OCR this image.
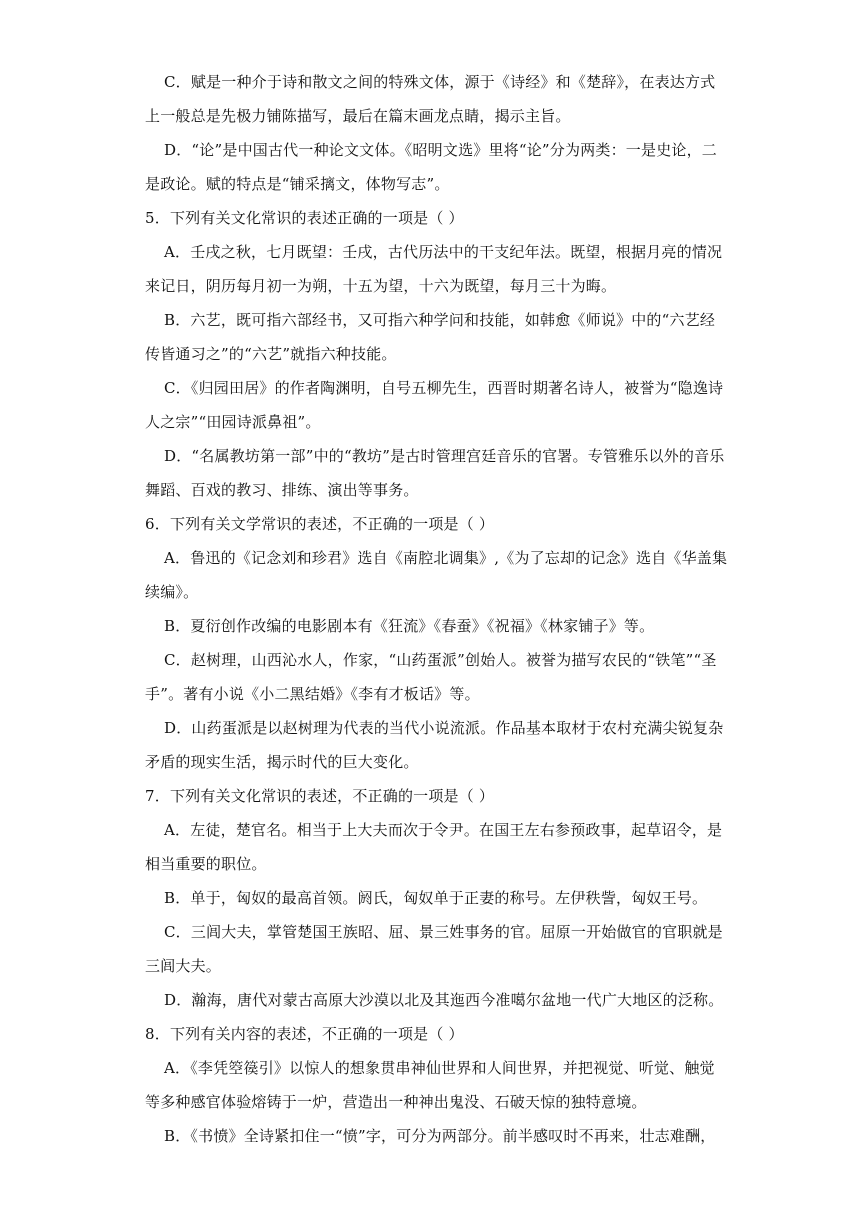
C．赋是一种介于诗和散文之间的特殊文体，源于《诗经》和《楚辞》，在表达方式
上一般总是先极力铺陈描写，最后在篇末画龙点睛，揭示主旨。
D．“论”是中国古代一种论文文体。《昭明文选》里将“论”分为两类：一是史论，二
是政论。赋的特点是“铺采摛文，体物写志”。
5．下列有关文化常识的表述正确的一项是（ ）
A．壬戌之秋，七月既望：壬戌，古代历法中的干支纪年法。既望，根据月亮的情况
来记日，阴历每月初一为朔，十五为望，十六为既望，每月三十为晦。
B．六艺，既可指六部经书，又可指六种学问和技能，如韩愈《师说》中的“六艺经
传皆通习之”的“六艺”就指六种技能。
C．《归园田居》的作者陶渊明，自号五柳先生，西晋时期著名诗人，被誉为“隐逸诗
人之宗”“田园诗派鼻祖”。
D．“名属教坊第一部”中的“教坊”是古时管理宫廷音乐的官署。专管雅乐以外的音乐
舞蹈、百戏的教习、排练、演出等事务。
6．下列有关文学常识的表述，不正确的一项是（ ）
A．鲁迅的《记念刘和珍君》选自《南腔北调集》,《为了忘却的记念》选自《华盖集
续编》。
B．夏衍创作改编的电影剧本有《狂流》《春蚕》《祝福》《林家铺子》等。
C．赵树理，山西沁水人，作家，“山药蛋派”创始人。被誉为描写农民的“铁笔”“圣
手”。著有小说《小二黑结婚》《李有才板话》等。
D．山药蛋派是以赵树理为代表的当代小说流派。作品基本取材于农村充满尖锐复杂
矛盾的现实生活，揭示时代的巨大变化。
7．下列有关文化常识的表述，不正确的一项是（ ）
A．左徒，楚官名。相当于上大夫而次于令尹。在国王左右参预政事，起草诏令，是
相当重要的职位。
B．单于，匈奴的最高首领。阏氏，匈奴单于正妻的称号。左伊秩訾，匈奴王号。
C．三闾大夫，掌管楚国王族昭、屈、景三姓事务的官。屈原一开始做官的官职就是
三闾大夫。
D．瀚海，唐代对蒙古高原大沙漠以北及其迤西今准噶尔盆地一代广大地区的泛称。
8．下列有关内容的表述，不正确的一项是（ ）
A．《李凭箜篌引》以惊人的想象贯串神仙世界和人间世界，并把视觉、听觉、触觉
等多种感官体验熔铸于一炉，营造出一种神出鬼没、石破天惊的独特意境。
B．《书愤》全诗紧扣住一“愤”字，可分为两部分。前半感叹时不再来，壮志难酬，
